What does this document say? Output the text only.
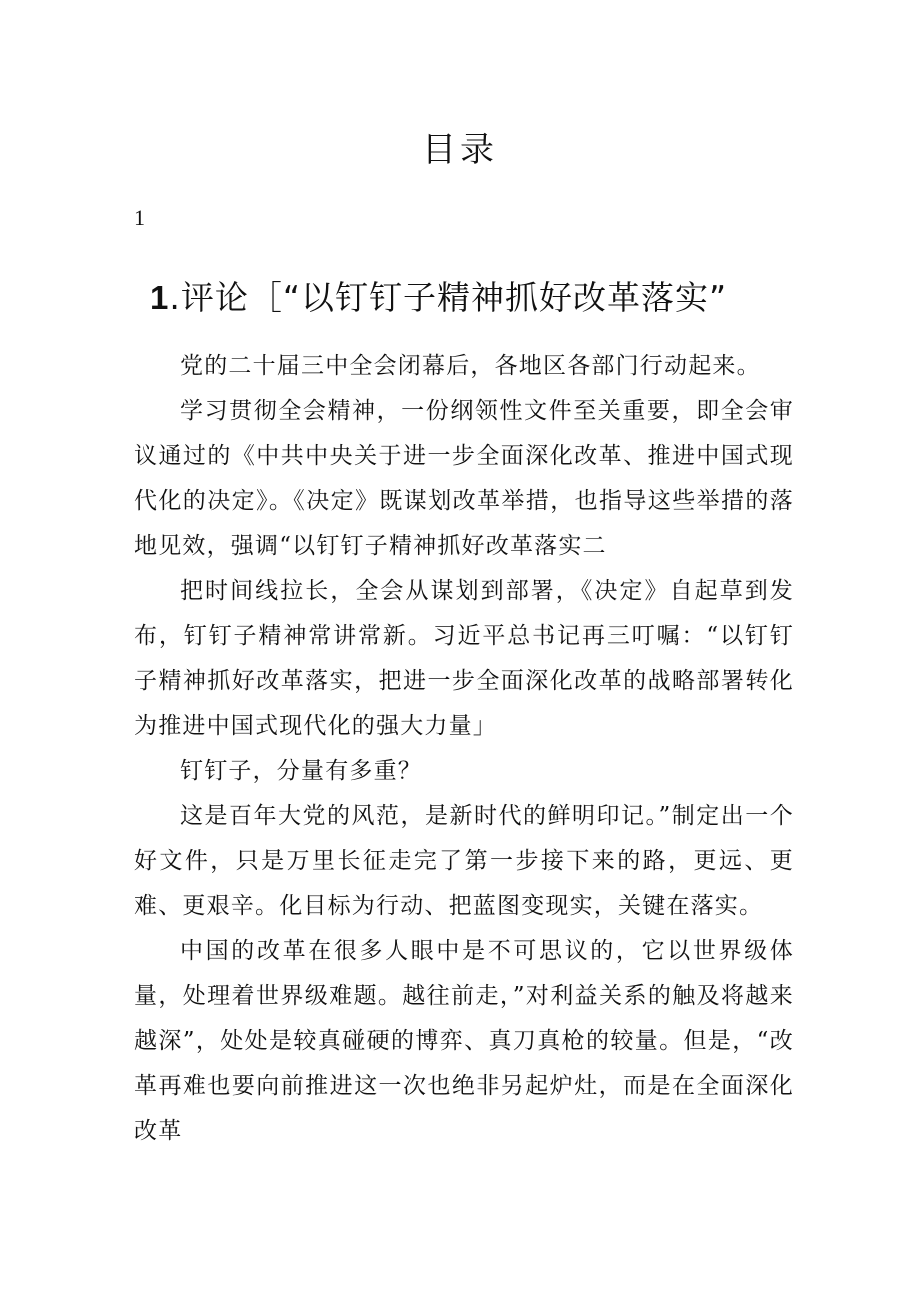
目录
1
1.评论［“以钉钉子精神抓好改革落实”

党的二十届三中全会闭幕后，各地区各部门行动起来。

学习贯彻全会精神，一份纲领性文件至关重要，即全会审议通过的《中共中央关于进一步全面深化改革、推进中国式现代化的决定》。《决定》既谋划改革举措，也指导这些举措的落地见效，强调“以钉钉子精神抓好改革落实二

把时间线拉长，全会从谋划到部署，《决定》自起草到发布，钉钉子精神常讲常新。习近平总书记再三叮嘱：“以钉钉子精神抓好改革落实，把进一步全面深化改革的战略部署转化为推进中国式现代化的强大力量」

钉钉子，分量有多重？

这是百年大党的风范，是新时代的鲜明印记。”制定出一个好文件，只是万里长征走完了第一步接下来的路，更远、更难、更艰辛。化目标为行动、把蓝图变现实，关键在落实。

中国的改革在很多人眼中是不可思议的，它以世界级体量，处理着世界级难题。越往前走，”对利益关系的触及将越来越深”，处处是较真碰硬的博弈、真刀真枪的较量。但是，“改革再难也要向前推进这一次也绝非另起炉灶，而是在全面深化改革
